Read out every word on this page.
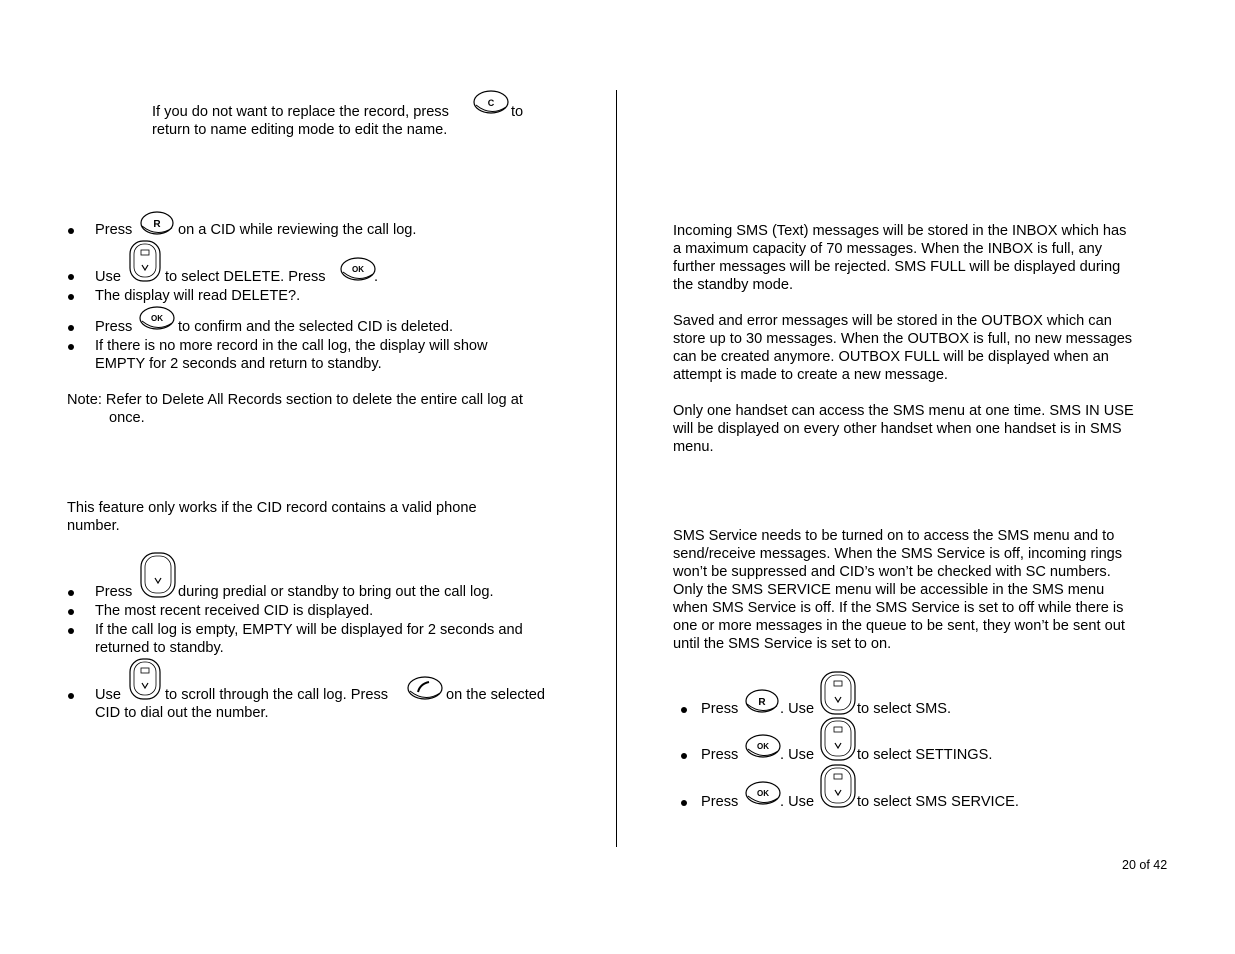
If you do not want to replace the record, press
C
to
return to name editing mode to edit the name.
Press R on a CID while reviewing the call log.
Use	to select DELETE. Press	OK .
The display will read DELETE?.
Press
OK
to confirm and the selected CID is deleted.
If there is no more record in the call log, the display will show
EMPTY for 2 seconds and return to standby.
Note: Refer to Delete All Records section to delete the entire call log at
once.
This feature only works if the CID record contains a valid phone
number.
Press	during predial or standby to bring out the call log.
The most recent received CID is displayed.
If the call log is empty, EMPTY will be displayed for 2 seconds and
returned to standby.
Use	to scroll through the call log. Press	on the selected
CID to dial out the number.
Incoming SMS (Text) messages will be stored in the INBOX which has
a maximum capacity of 70 messages. When the INBOX is full, any
further messages will be rejected. SMS FULL will be displayed during
the standby mode.
Saved and error messages will be stored in the OUTBOX which can
store up to 30 messages. When the OUTBOX is full, no new messages
can be created anymore. OUTBOX FULL will be displayed when an
attempt is made to create a new message.
Only one handset can access the SMS menu at one time. SMS IN USE
will be displayed on every other handset when one handset is in SMS
menu.
SMS Service needs to be turned on to access the SMS menu and to
send/receive messages. When the SMS Service is off, incoming rings
won’t be suppressed and CID’s won’t be checked with SC numbers.
Only the SMS SERVICE menu will be accessible in the SMS menu
when SMS Service is off. If the SMS Service is set to off while there is
one or more messages in the queue to be sent, they won’t be sent out
until the SMS Service is set to on.
Press R . Use	to select SMS.
Press
OK
. Use	to select SETTINGS.
Press
OK
. Use	to select SMS SERVICE.
20 of 42
